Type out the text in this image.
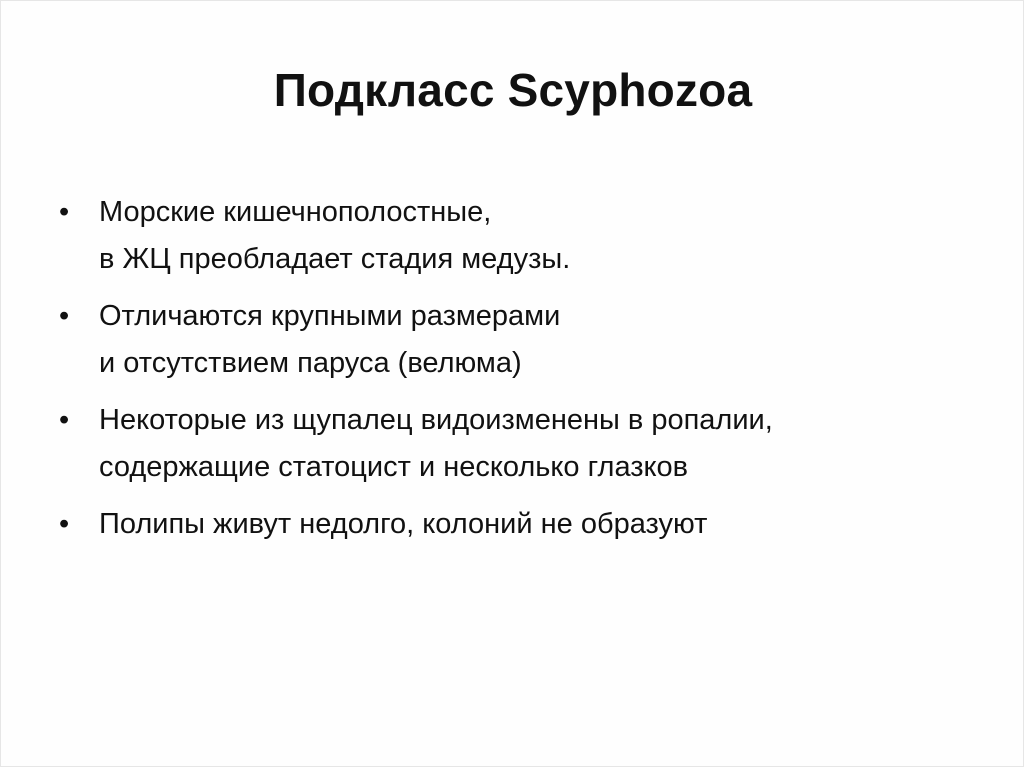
Подкласс Scyphozoa
•	Морские кишечнополостные,
в ЖЦ преобладает стадия медузы.
•	Отличаются крупными размерами
и отсутствием паруса (велюма)
•	Некоторые из щупалец видоизменены в ропалии,
содержащие статоцист и несколько глазков
•	Полипы живут недолго, колоний не образуют
